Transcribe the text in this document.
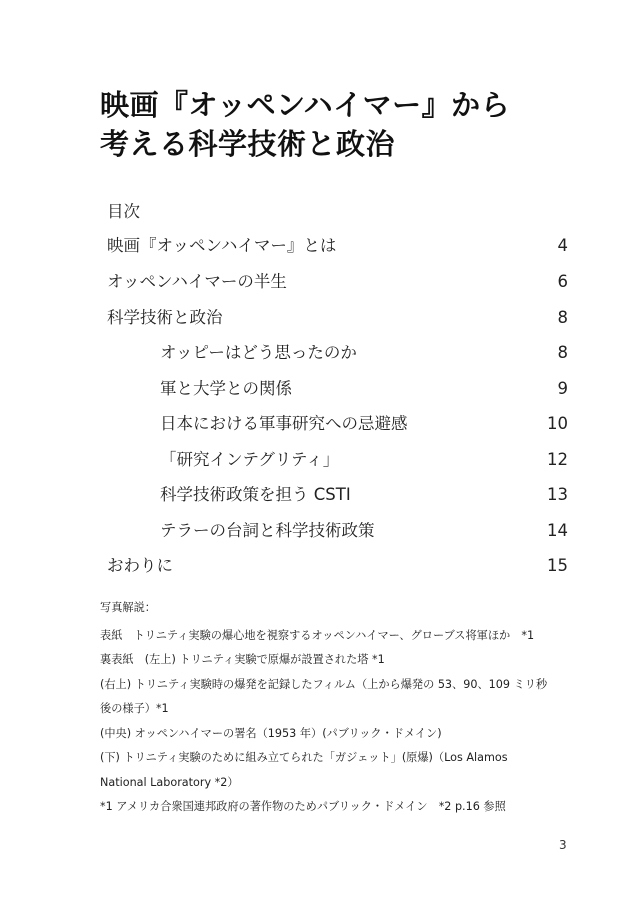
映画『オッペンハイマー』から
考える科学技術と政治
目次
映画『オッペンハイマー』とは	4
オッペンハイマーの半生	6
科学技術と政治	8
オッピーはどう思ったのか	8
軍と大学との関係	9
日本における軍事研究への忌避感	10
「研究インテグリティ」	12
科学技術政策を担う CSTI	13
テラーの台詞と科学技術政策	14
おわりに	15
写真解説：
表紙　トリニティ実験の爆心地を視察するオッペンハイマー、グローブス将軍ほか　*1
裏表紙　(左上) トリニティ実験で原爆が設置された塔 *1
(右上) トリニティ実験時の爆発を記録したフィルム（上から爆発の 53、90、109 ミリ秒
後の様子）*1
(中央) オッペンハイマーの署名（1953 年）(パブリック・ドメイン)
(下) トリニティ実験のために組み立てられた「ガジェット」(原爆)（Los Alamos
National Laboratory *2）
*1 アメリカ合衆国連邦政府の著作物のためパブリック・ドメイン　*2 p.16 参照
3
